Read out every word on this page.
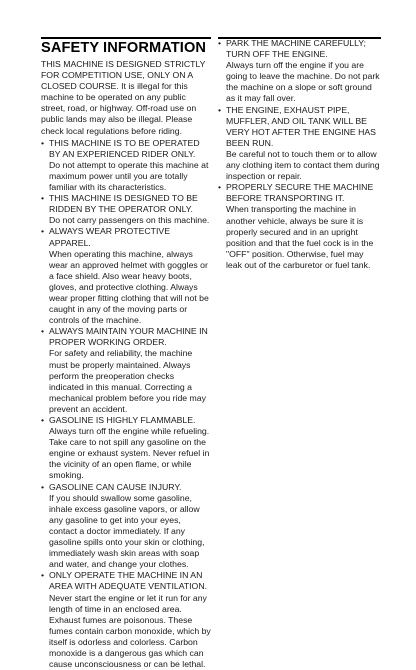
SAFETY INFORMATION

THIS MACHINE IS DESIGNED STRICTLY FOR COMPETITION USE, ONLY ON A CLOSED COURSE. It is illegal for this machine to be operated on any public street, road, or highway. Off-road use on public lands may also be illegal. Please check local regulations before riding.

• THIS MACHINE IS TO BE OPERATED BY AN EXPERIENCED RIDER ONLY.

Do not attempt to operate this machine at maximum power until you are totally familiar with its characteristics.

• THIS MACHINE IS DESIGNED TO BE RIDDEN BY THE OPERATOR ONLY.

Do not carry passengers on this machine.

• ALWAYS WEAR PROTECTIVE APPAREL.

When operating this machine, always wear an approved helmet with goggles or a face shield. Also wear heavy boots, gloves, and protective clothing. Always wear proper fitting clothing that will not be caught in any of the moving parts or controls of the machine.

• ALWAYS MAINTAIN YOUR MACHINE IN PROPER WORKING ORDER.

For safety and reliability, the machine must be properly maintained. Always perform the preoperation checks indicated in this manual. Correcting a mechanical problem before you ride may prevent an accident.

• GASOLINE IS HIGHLY FLAMMABLE.

Always turn off the engine while refueling. Take care to not spill any gasoline on the engine or exhaust system. Never refuel in the vicinity of an open flame, or while smoking.

• GASOLINE CAN CAUSE INJURY.

If you should swallow some gasoline, inhale excess gasoline vapors, or allow any gasoline to get into your eyes, contact a doctor immediately. If any gasoline spills onto your skin or clothing, immediately wash skin areas with soap and water, and change your clothes.

• ONLY OPERATE THE MACHINE IN AN AREA WITH ADEQUATE VENTILATION.

Never start the engine or let it run for any length of time in an enclosed area. Exhaust fumes are poisonous. These fumes contain carbon monoxide, which by itself is odorless and colorless. Carbon monoxide is a dangerous gas which can cause unconsciousness or can be lethal.

• PARK THE MACHINE CAREFULLY; TURN OFF THE ENGINE.

Always turn off the engine if you are going to leave the machine. Do not park the machine on a slope or soft ground as it may fall over.

• THE ENGINE, EXHAUST PIPE, MUFFLER, AND OIL TANK WILL BE VERY HOT AFTER THE ENGINE HAS BEEN RUN.

Be careful not to touch them or to allow any clothing item to contact them during inspection or repair.

• PROPERLY SECURE THE MACHINE BEFORE TRANSPORTING IT.

When transporting the machine in another vehicle, always be sure it is properly secured and in an upright position and that the fuel cock is in the "OFF" position. Otherwise, fuel may leak out of the carburetor or fuel tank.
